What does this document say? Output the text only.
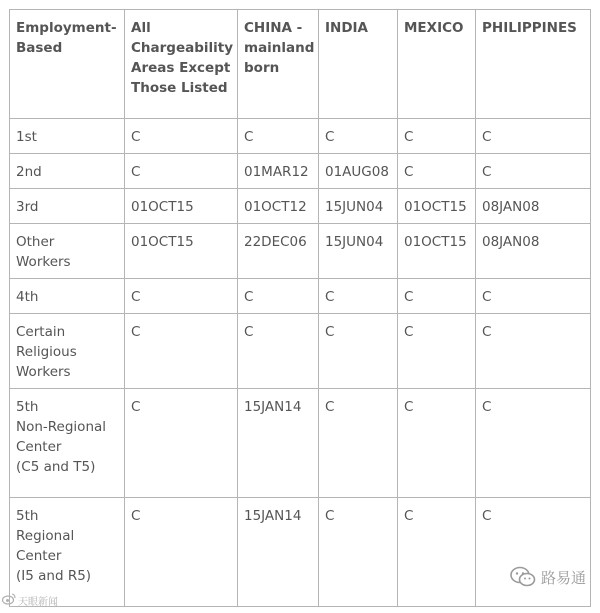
Employment-
Based	All
Chargeability
Areas Except
Those Listed	CHINA -
mainland
born	INDIA	MEXICO	PHILIPPINES
1st	C	C	C	C	C
2nd	C	01MAR12	01AUG08	C	C
3rd	01OCT15	01OCT12	15JUN04	01OCT15	08JAN08
Other
Workers	01OCT15	22DEC06	15JUN04	01OCT15	08JAN08
4th	C	C	C	C	C
Certain
Religious
Workers	C	C	C	C	C
5th
Non-Regional
Center
(C5 and T5)	C	15JAN14	C	C	C
5th
Regional
Center
(I5 and R5)	C	15JAN14	C	C	C
路易通
天眼新闻
